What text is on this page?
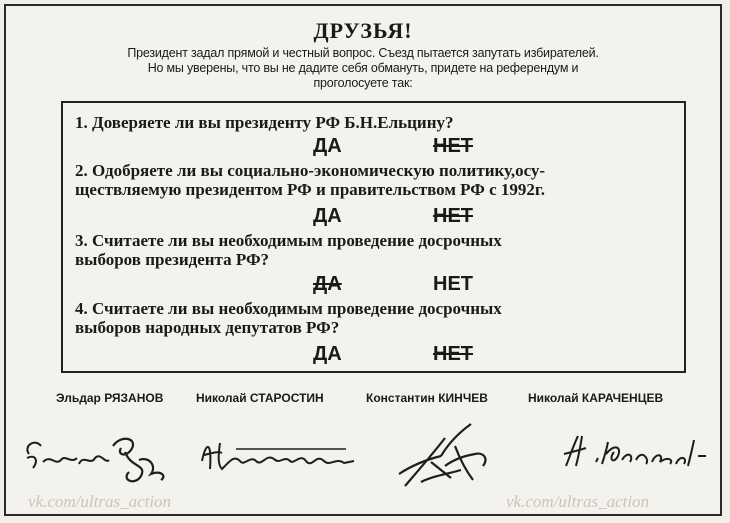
ДРУЗЬЯ!
Президент задал прямой и честный вопрос. Съезд пытается запутать избирателей.
Но мы уверены, что вы не дадите себя обмануть, придете на референдум и
проголосуете так:
1. Доверяете ли вы президенту РФ Б.Н.Ельцину?
ДА	НЕТ
2. Одобряете ли вы социально-экономическую политику,осу-
ществляемую президентом РФ и правительством РФ с 1992г.
ДА	НЕТ
3. Считаете ли вы необходимым проведение досрочных
выборов президента РФ?
ДА	НЕТ
4. Считаете ли вы необходимым проведение досрочных
выборов народных депутатов РФ?
ДА	НЕТ
Эльдар РЯЗАНОВ	Николай СТАРОСТИН	Константин КИНЧЕВ	Николай КАРАЧЕНЦЕВ
vk.com/ultras_action	vk.com/ultras_action
